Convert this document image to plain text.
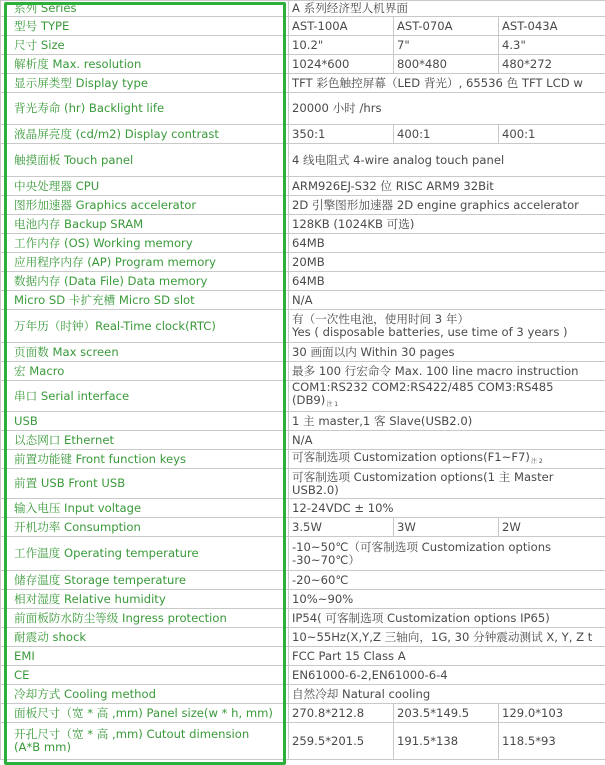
系列 Series	A 系列经济型人机界面		
型号 TYPE	AST-100A	AST-070A	AST-043A
尺寸 Size	10.2"	7"	4.3"
解析度 Max. resolution	1024*600	800*480	480*272
显示屏类型 Display type	TFT 彩色触控屏幕（LED 背光）, 65536 色 TFT LCD w		
背光寿命 (hr) Backlight life	20000 小时 /hrs		
液晶屏亮度 (cd/m2) Display contrast	350:1	400:1	400:1
触摸面板 Touch panel	4 线电阻式 4-wire analog touch panel		
中央处理器 CPU	ARM926EJ-S32 位 RISC ARM9 32Bit		
图形加速器 Graphics accelerator	2D 引擎图形加速器 2D engine graphics accelerator		
电池内存 Backup SRAM	128KB (1024KB 可选)		
工作内存 (OS) Working memory	64MB		
应用程序内存 (AP) Program memory	20MB		
数据内存 (Data File) Data memory	64MB		
Micro SD 卡扩充槽 Micro SD slot	N/A		
万年历（时钟）Real-Time clock(RTC)	有（一次性电池，使用时间 3 年）
Yes ( disposable batteries, use time of 3 years )		
页面数 Max screen	30 画面以内 Within 30 pages		
宏 Macro	最多 100 行宏命令 Max. 100 line macro instruction		
串口 Serial interface	COM1:RS232 COM2:RS422/485 COM3:RS485
$(DB9)_{注 1}$
USB	1 主 master,1 客 Slave(USB2.0)		
以态网口 Ethernet	N/A		
前置功能键 Front function keys	可客制选项 Customization $options(F1\sim F7)_{注 2}$
前置 USB Front USB	可客制选项 Customization options(1 主 Master
USB2.0)		
输入电压 Input voltage	12-24VDC ± 10%		
开机功率 Consumption	3.5W	3W	2W
工作温度 Operating temperature	-10~50℃（可客制选项 Customization options
-30~70℃）		
储存温度 Storage temperature	-20~60℃		
相对湿度 Relative humidity	10%~90%		
前面板防水防尘等级 Ingress protection	IP54( 可客制选项 Customization options IP65)		
耐震动 shock	10~55Hz(X,Y,Z 三轴向，1G, 30 分钟震动测试 X, Y, Z t		
EMI	FCC Part 15 Class A		
CE	EN61000-6-2,EN61000-6-4		
冷却方式 Cooling method	自然冷却 Natural cooling		
面板尺寸（宽 * 高 ,mm) Panel size(w * h, mm)	270.8*212.8	203.5*149.5	129.0*103
开孔尺寸（宽 * 高 ,mm) Cutout dimension
(A*B mm)	259.5*201.5	191.5*138	118.5*93
